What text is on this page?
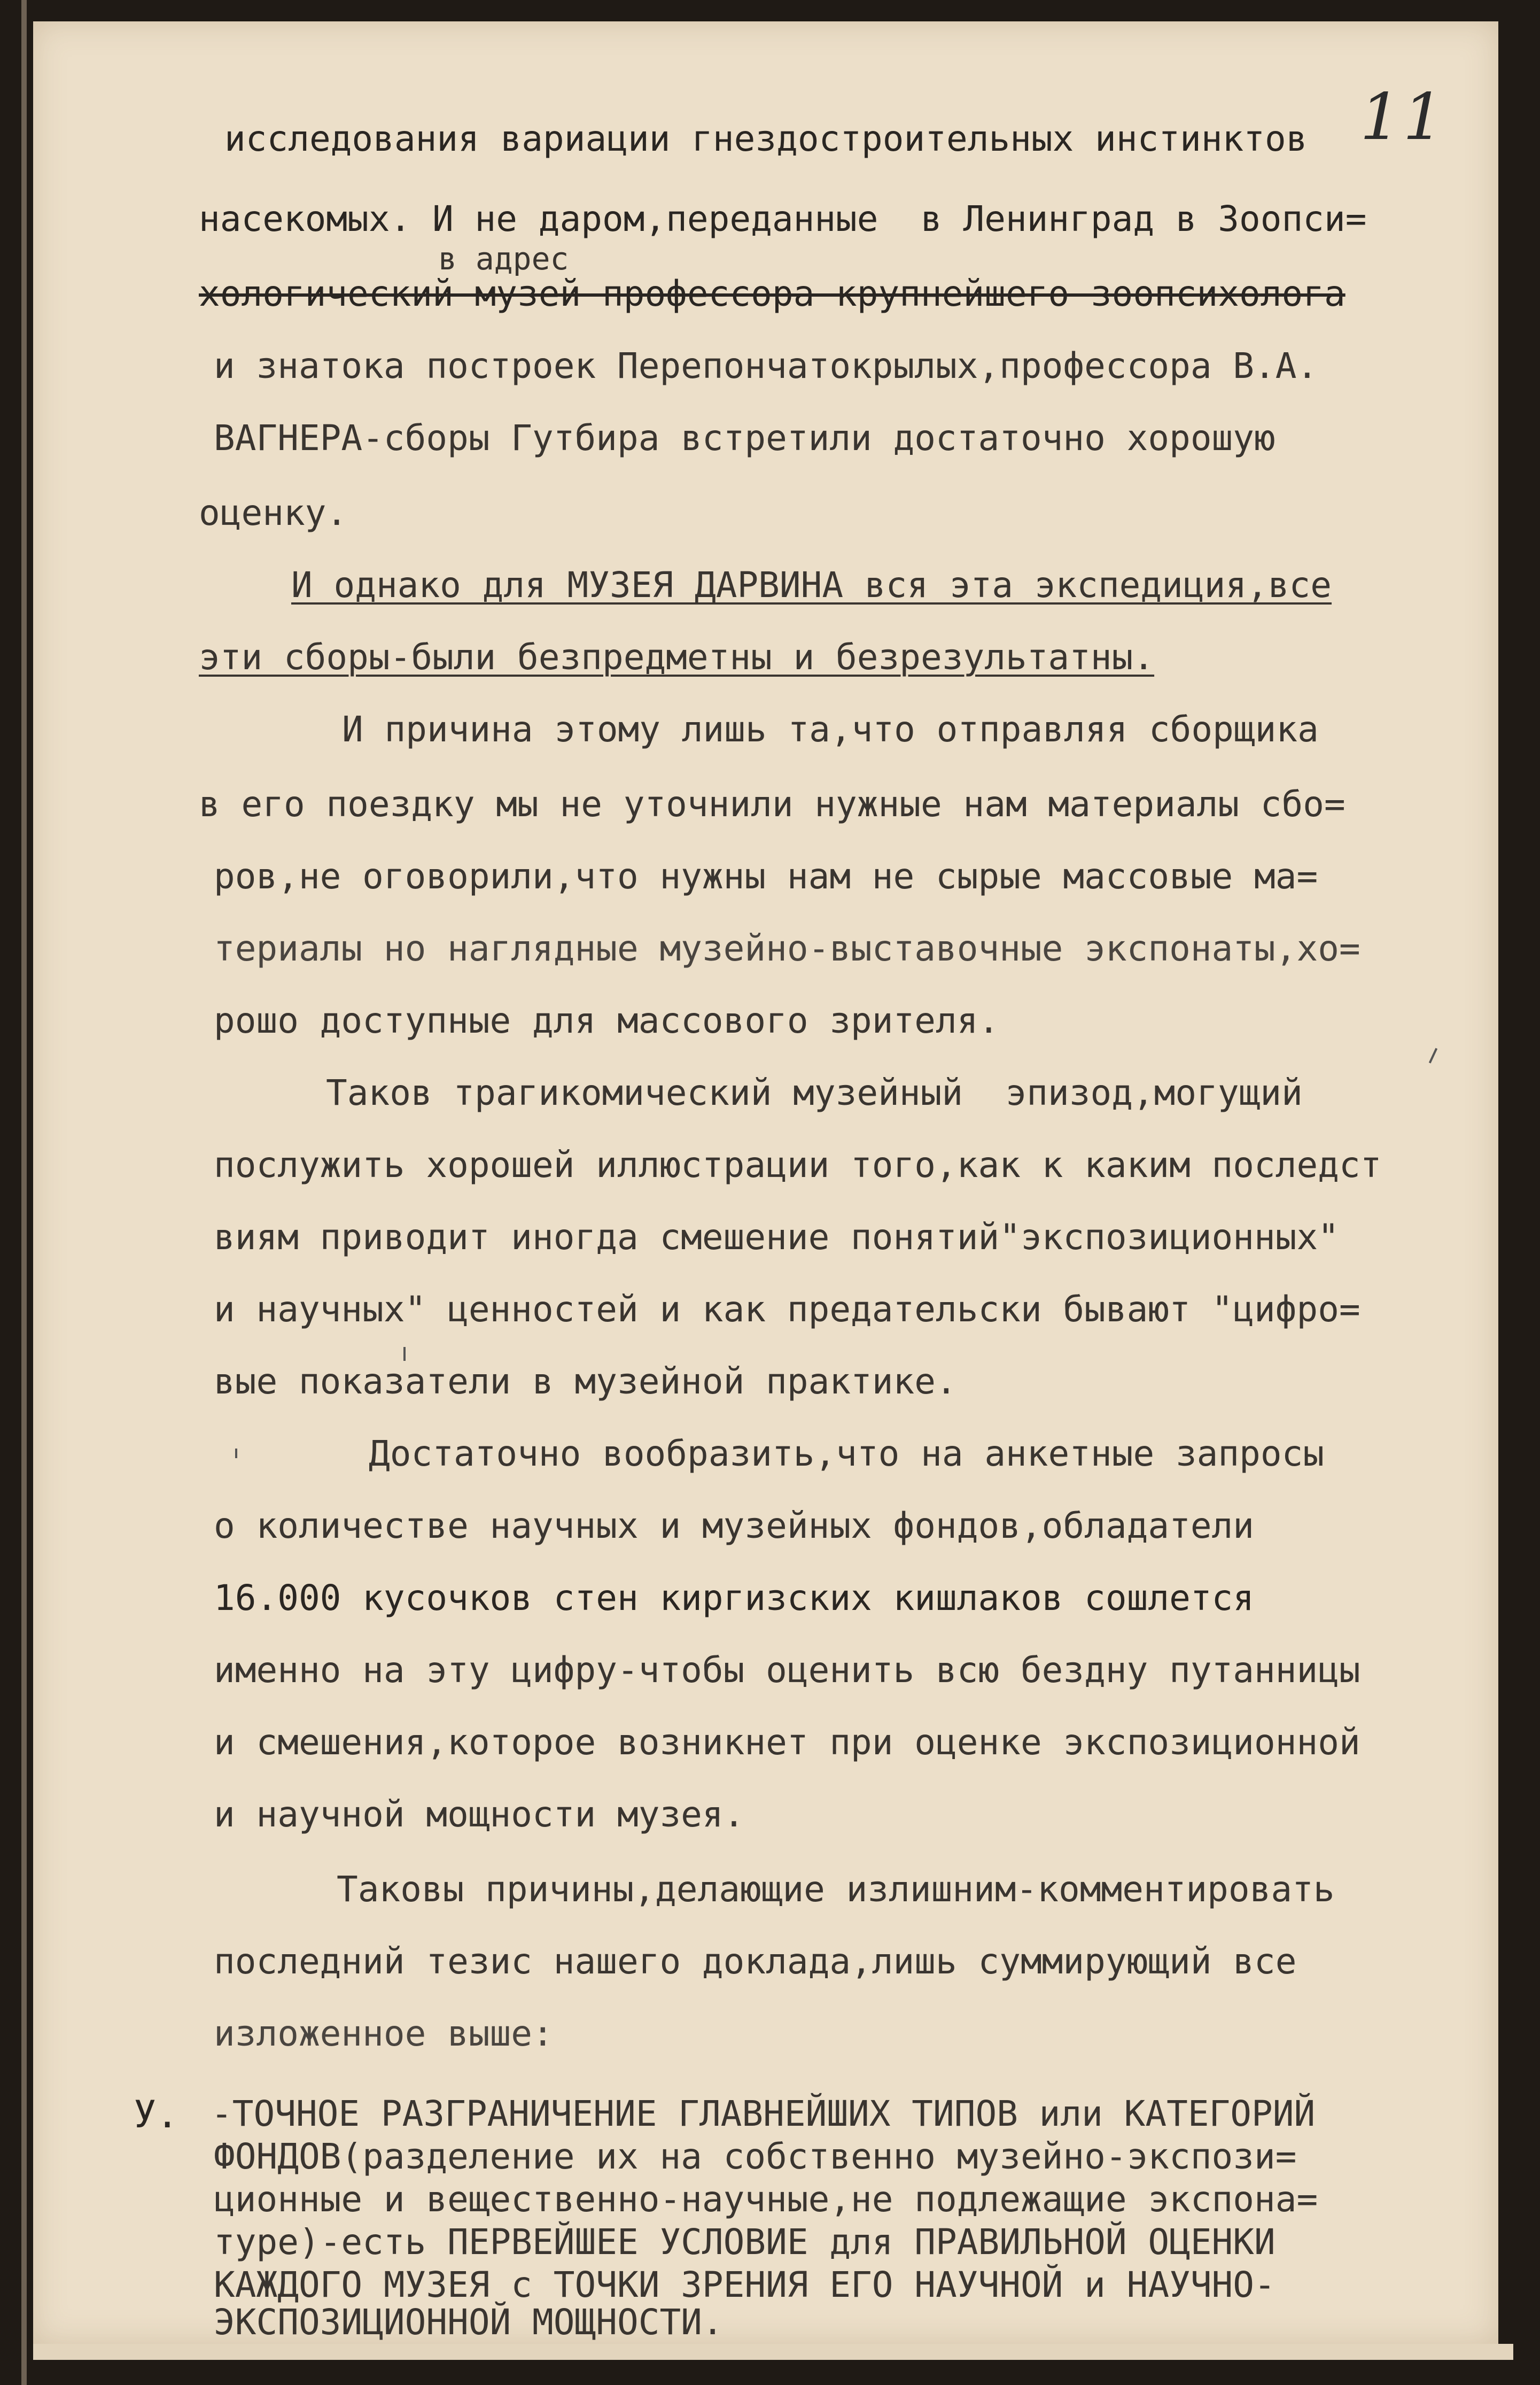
11

исследования вариации гнездостроительных инстинктов

насекомых. И не даром,переданные  в Ленинград в Зоопси=

в адрес

хологический музей профессора крупнейшего зоопсихолога

и знатока построек Перепончатокрылых,профессора В.А.

ВАГНЕРА-сборы Гутбира встретили достаточно хорошую

оценку.

И однако для МУЗЕЯ ДАРВИНА вся эта экспедиция,все

эти сборы-были безпредметны и безрезультатны.

И причина этому лишь та,что отправляя сборщика

в его поездку мы не уточнили нужные нам материалы сбо=

ров,не оговорили,что нужны нам не сырые массовые ма=

териалы но наглядные музейно-выставочные экспонаты,хо=

рошо доступные для массового зрителя.

Таков трагикомический музейный  эпизод,могущий

послужить хорошей иллюстрации того,как к каким последст

виям приводит иногда смешение понятий"экспозиционных"

и научных" ценностей и как предательски бывают "цифро=

вые показатели в музейной практике.

Достаточно вообразить,что на анкетные запросы

о количестве научных и музейных фондов,обладатели

16.000 кусочков стен киргизских кишлаков сошлется

именно на эту цифру-чтобы оценить всю бездну путанницы

и смешения,которое возникнет при оценке экспозиционной

и научной мощности музея.

Таковы причины,делающие излишним-комментировать

последний тезис нашего доклада,лишь суммирующий все

изложенное выше:

У. -ТОЧНОЕ РАЗГРАНИЧЕНИЕ ГЛАВНЕЙШИХ ТИПОВ или КАТЕГОРИЙ

ФОНДОВ(разделение их на собственно музейно-экспози=

ционные и вещественно-научные,не подлежащие экспона=

туре)-есть ПЕРВЕЙШЕЕ УСЛОВИЕ для ПРАВИЛЬНОЙ ОЦЕНКИ

КАЖДОГО МУЗЕЯ с ТОЧКИ ЗРЕНИЯ ЕГО НАУЧНОЙ и НАУЧНО-

ЭКСПОЗИЦИОННОЙ МОЩНОСТИ.
